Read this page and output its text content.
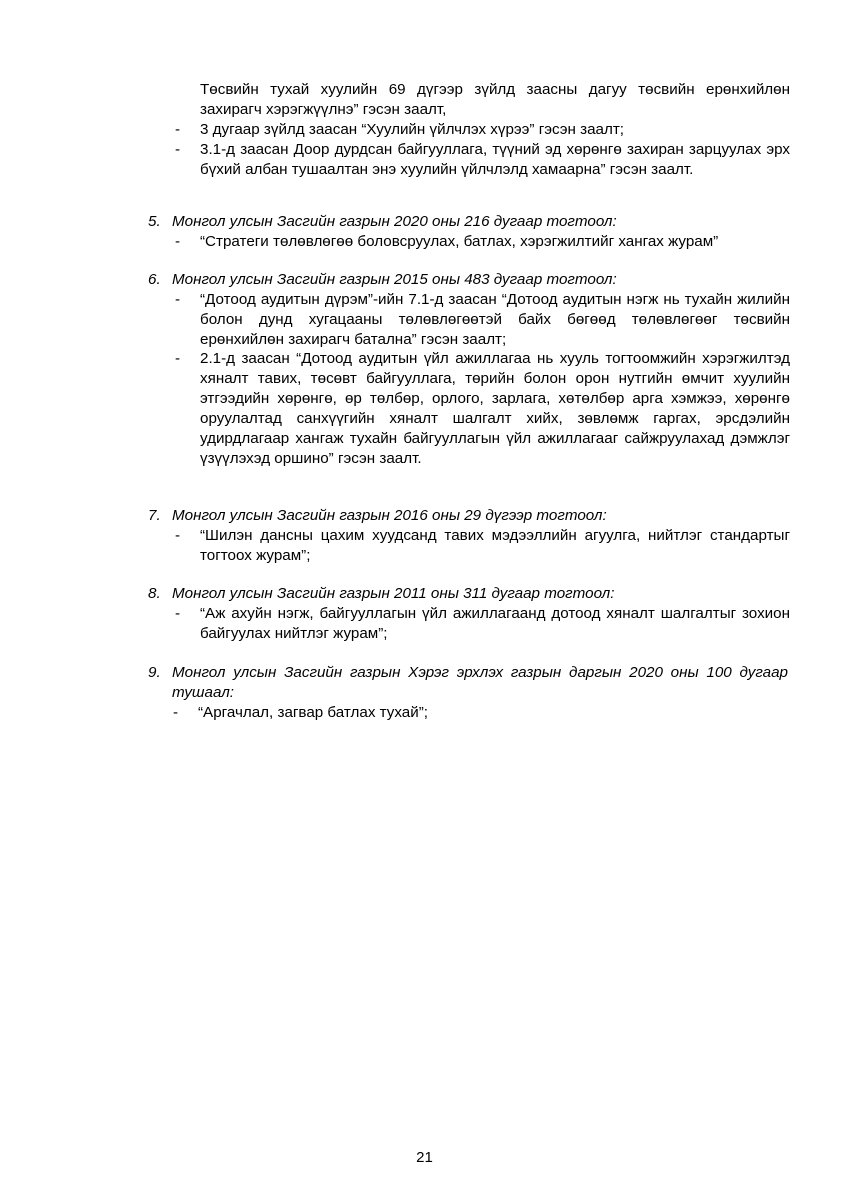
Төсвийн тухай хуулийн 69 дүгээр зүйлд заасны дагуу төсвийн ерөнхийлөн захирагч хэрэгжүүлнэ” гэсэн заалт,
-	3 дугаар зүйлд заасан “Хуулийн үйлчлэх хүрээ” гэсэн заалт;
-	3.1-д заасан Доор дурдсан байгууллага, түүний эд хөрөнгө захиран зарцуулах эрх бүхий албан тушаалтан энэ хуулийн үйлчлэлд хамаарна” гэсэн заалт.
5. Монгол улсын Засгийн газрын 2020 оны 216 дугаар тогтоол:
-	“Стратеги төлөвлөгөө боловсруулах, батлах, хэрэгжилтийг хангах журам”
6. Монгол улсын Засгийн газрын 2015 оны 483 дугаар тогтоол:
-	“Дотоод аудитын дүрэм”-ийн 7.1-д заасан “Дотоод аудитын нэгж нь тухайн жилийн болон дунд хугацааны төлөвлөгөөтэй байх бөгөөд төлөвлөгөөг төсвийн ерөнхийлөн захирагч батална” гэсэн заалт;
-	2.1-д заасан “Дотоод аудитын үйл ажиллагаа нь хууль тогтоомжийн хэрэгжилтэд хяналт тавих, төсөвт байгууллага, төрийн болон орон нутгийн өмчит хуулийн этгээдийн хөрөнгө, өр төлбөр, орлого, зарлага, хөтөлбөр арга хэмжээ, хөрөнгө оруулалтад санхүүгийн хяналт шалгалт хийх, зөвлөмж гаргах, эрсдэлийн удирдлагаар хангаж тухайн байгууллагын үйл ажиллагааг сайжруулахад дэмжлэг үзүүлэхэд оршино” гэсэн заалт.
7. Монгол улсын Засгийн газрын 2016 оны 29 дүгээр тогтоол:
-	“Шилэн дансны цахим хуудсанд тавих мэдээллийн агуулга, нийтлэг стандартыг тогтоох журам”;
8. Монгол улсын Засгийн газрын 2011 оны 311 дугаар тогтоол:
-	“Аж ахуйн нэгж, байгууллагын үйл ажиллагаанд дотоод хяналт шалгалтыг зохион байгуулах нийтлэг журам”;
9. Монгол улсын Засгийн газрын Хэрэг эрхлэх газрын даргын 2020 оны 100 дугаар тушаал:
-	“Аргачлал, загвар батлах тухай”;
21
